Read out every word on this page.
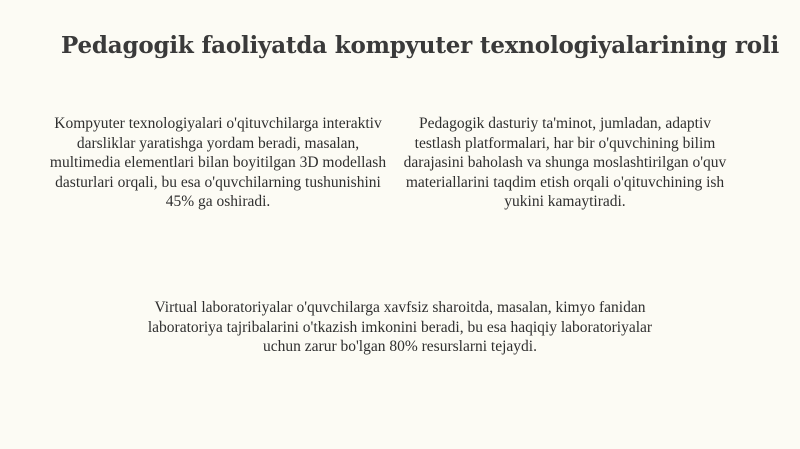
Pedagogik faoliyatda kompyuter texnologiyalarining roli

Kompyuter texnologiyalari o'qituvchilarga interaktiv darsliklar yaratishga yordam beradi, masalan, multimedia elementlari bilan boyitilgan 3D modellash dasturlari orqali, bu esa o'quvchilarning tushunishini 45% ga oshiradi.

Pedagogik dasturiy ta'minot, jumladan, adaptiv testlash platformalari, har bir o'quvchining bilim darajasini baholash va shunga moslashtirilgan o'quv materiallarini taqdim etish orqali o'qituvchining ish yukini kamaytiradi.

Virtual laboratoriyalar o'quvchilarga xavfsiz sharoitda, masalan, kimyo fanidan laboratoriya tajribalarini o'tkazish imkonini beradi, bu esa haqiqiy laboratoriyalar uchun zarur bo'lgan 80% resurslarni tejaydi.
